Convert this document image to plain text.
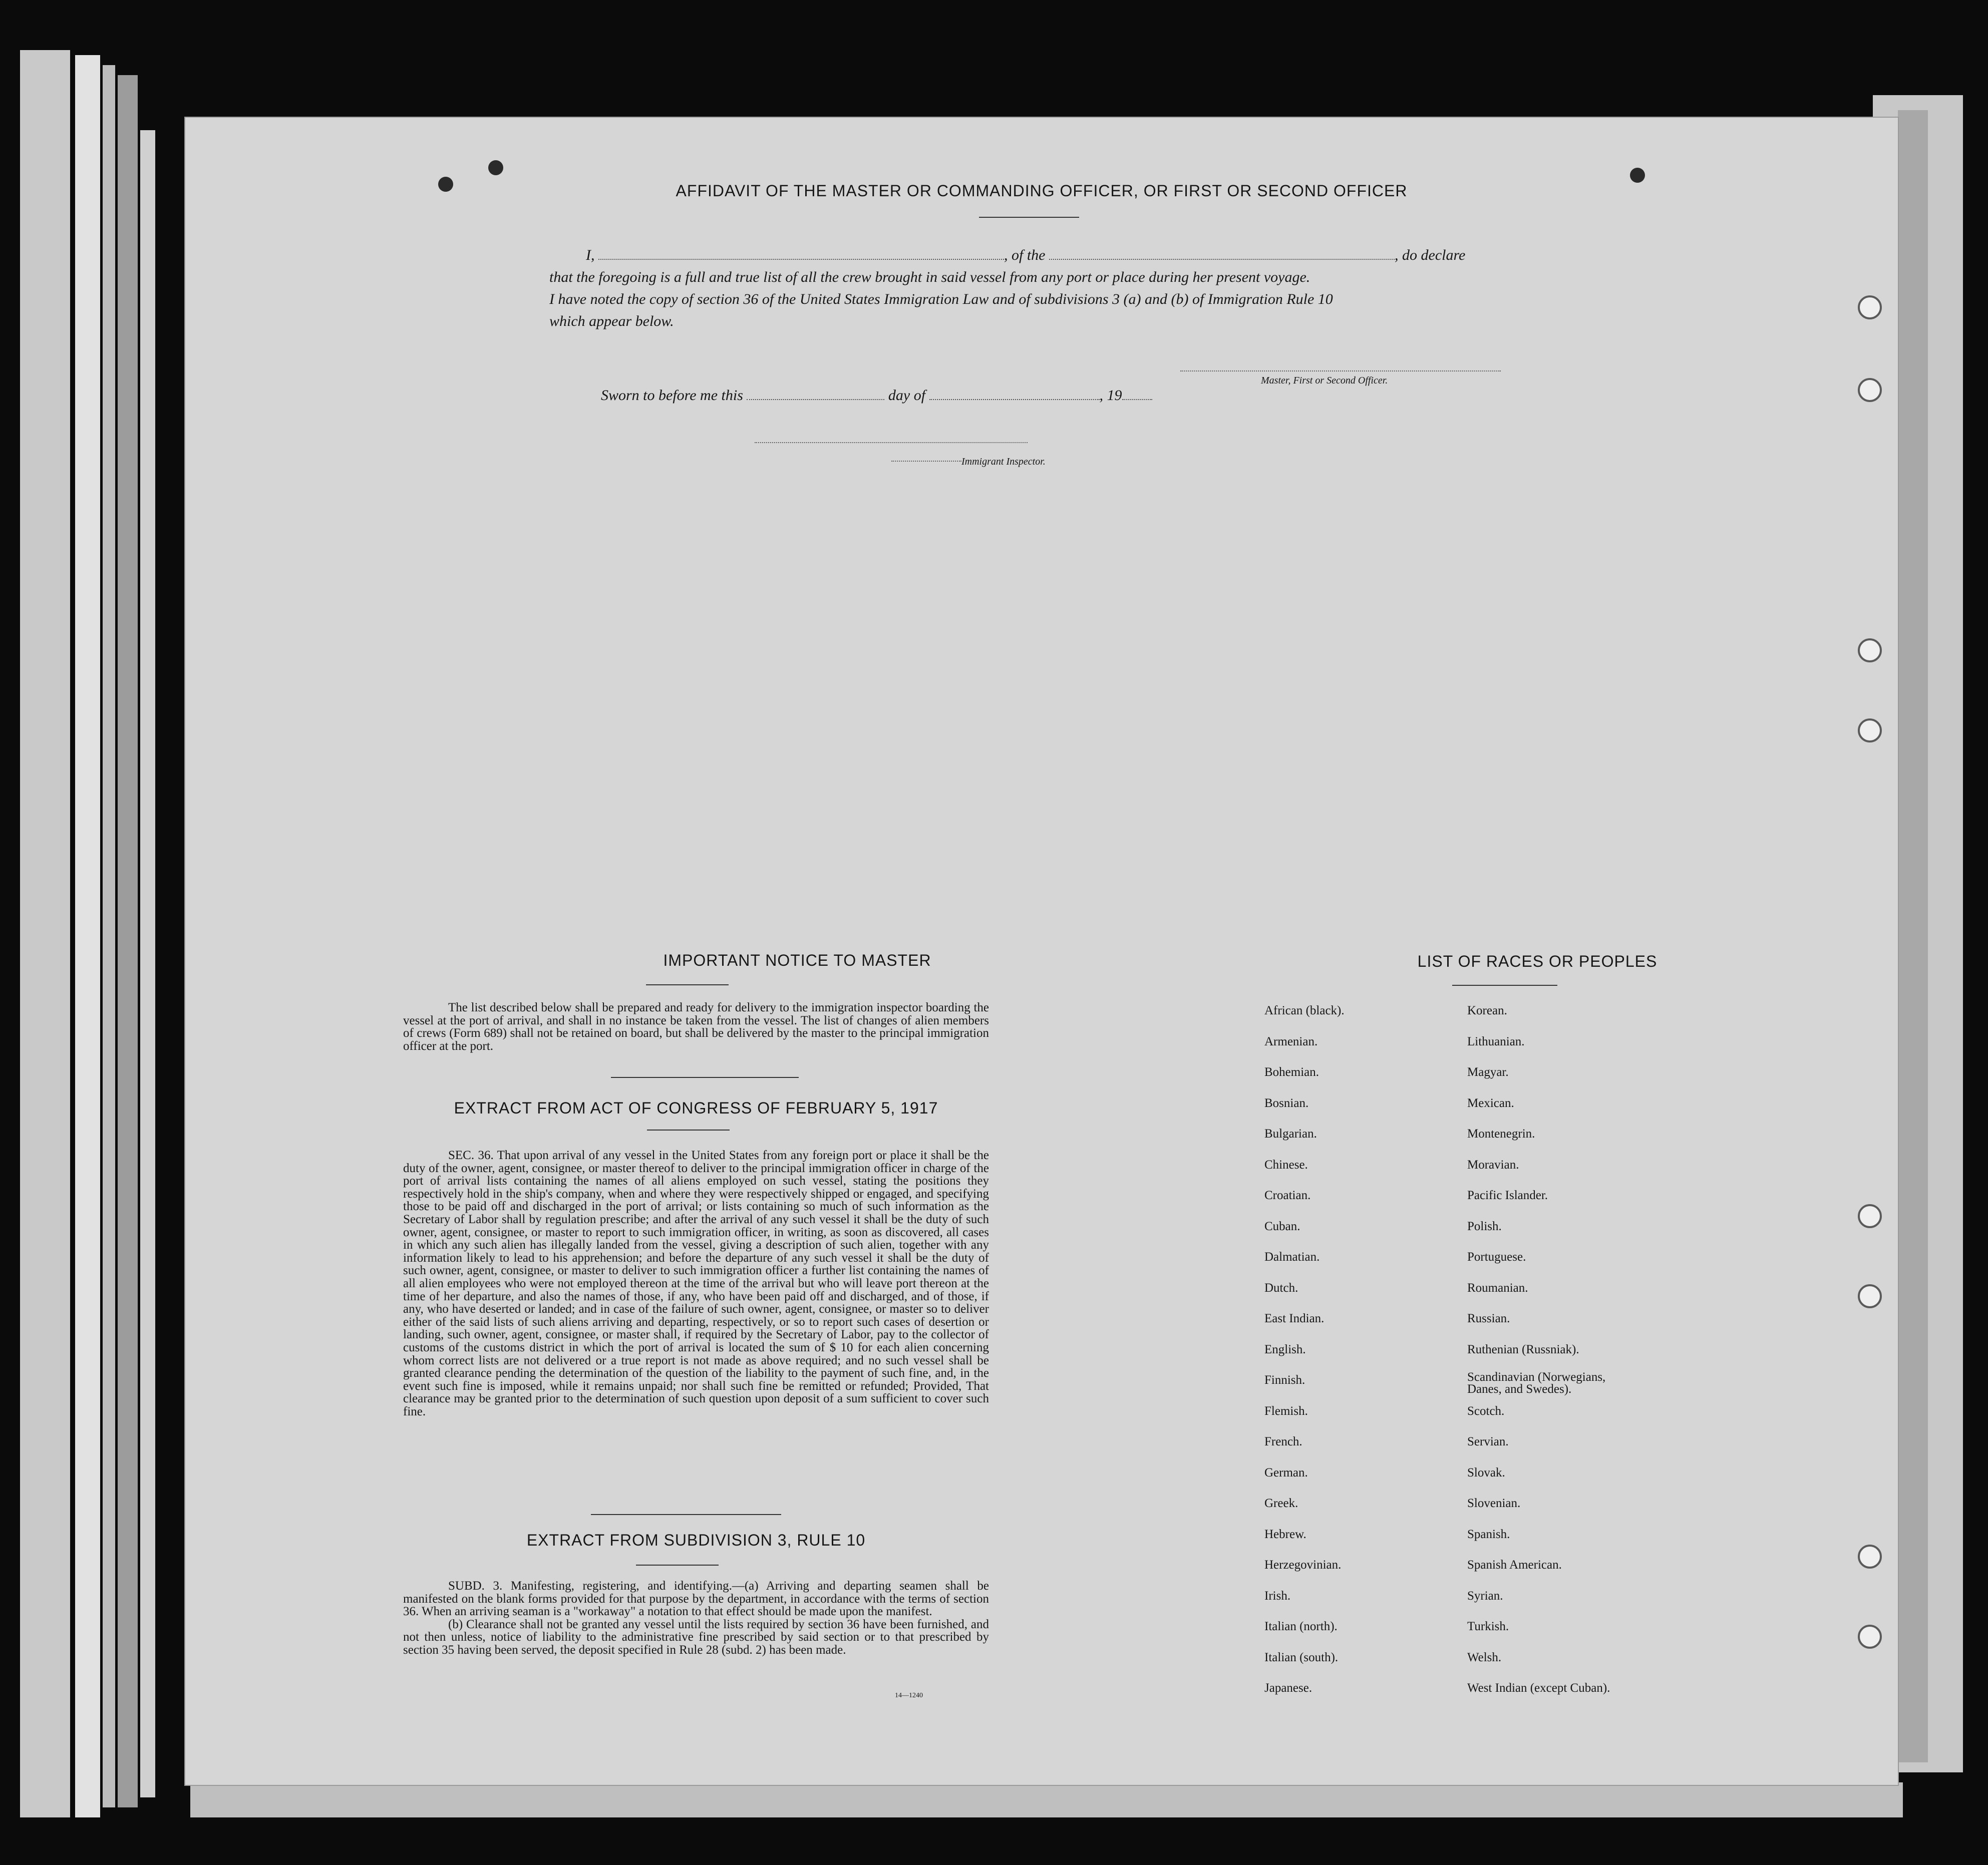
AFFIDAVIT OF THE MASTER OR COMMANDING OFFICER, OR FIRST OR SECOND OFFICER
I,	, of the	, do declare
that the foregoing is a full and true list of all the crew brought in said vessel from any port or place during her present voyage.
I have noted the copy of section 36 of the United States Immigration Law and of subdivisions 3 (a) and (b) of Immigration Rule 10
which appear below.
Master, First or Second Officer.
Sworn to before me this	day of	, 19
Immigrant Inspector.
IMPORTANT NOTICE TO MASTER

The list described below shall be prepared and ready for delivery to the immigration inspector boarding the vessel at the port of arrival, and shall in no instance be taken from the vessel. The list of changes of alien members of crews (Form 689) shall not be retained on board, but shall be delivered by the master to the principal immigration officer at the port.

EXTRACT FROM ACT OF CONGRESS OF FEBRUARY 5, 1917

SEC. 36. That upon arrival of any vessel in the United States from any foreign port or place it shall be the duty of the owner, agent, consignee, or master thereof to deliver to the principal immigration officer in charge of the port of arrival lists containing the names of all aliens employed on such vessel, stating the positions they respectively hold in the ship's company, when and where they were respectively shipped or engaged, and specifying those to be paid off and discharged in the port of arrival; or lists containing so much of such information as the Secretary of Labor shall by regulation prescribe; and after the arrival of any such vessel it shall be the duty of such owner, agent, consignee, or master to report to such immigration officer, in writing, as soon as discovered, all cases in which any such alien has illegally landed from the vessel, giving a description of such alien, together with any information likely to lead to his apprehension; and before the departure of any such vessel it shall be the duty of such owner, agent, consignee, or master to deliver to such immigration officer a further list containing the names of all alien employees who were not employed thereon at the time of the arrival but who will leave port thereon at the time of her departure, and also the names of those, if any, who have been paid off and discharged, and of those, if any, who have deserted or landed; and in case of the failure of such owner, agent, consignee, or master so to deliver either of the said lists of such aliens arriving and departing, respectively, or so to report such cases of desertion or landing, such owner, agent, consignee, or master shall, if required by the Secretary of Labor, pay to the collector of customs of the customs district in which the port of arrival is located the sum of $ 10 for each alien concerning whom correct lists are not delivered or a true report is not made as above required; and no such vessel shall be granted clearance pending the determination of the question of the liability to the payment of such fine, and, in the event such fine is imposed, while it remains unpaid; nor shall such fine be remitted or refunded; Provided, That clearance may be granted prior to the determination of such question upon deposit of a sum sufficient to cover such fine.

EXTRACT FROM SUBDIVISION 3, RULE 10

SUBD. 3. Manifesting, registering, and identifying.—(a) Arriving and departing seamen shall be manifested on the blank forms provided for that purpose by the department, in accordance with the terms of section 36. When an arriving seaman is a "workaway" a notation to that effect should be made upon the manifest.

(b) Clearance shall not be granted any vessel until the lists required by section 36 have been furnished, and not then unless, notice of liability to the administrative fine prescribed by said section or to that prescribed by section 35 having been served, the deposit specified in Rule 28 (subd. 2) has been made.

14—1240
LIST OF RACES OR PEOPLES
African (black).
Armenian.
Bohemian.
Bosnian.
Bulgarian.
Chinese.
Croatian.
Cuban.
Dalmatian.
Dutch.
East Indian.
English.
Finnish.
Flemish.
French.
German.
Greek.
Hebrew.
Herzegovinian.
Irish.
Italian (north).
Italian (south).
Japanese.
Korean.
Lithuanian.
Magyar.
Mexican.
Montenegrin.
Moravian.
Pacific Islander.
Polish.
Portuguese.
Roumanian.
Russian.
Ruthenian (Russniak).
Scandinavian (Norwegians, Danes, and Swedes).
Scotch.
Servian.
Slovak.
Slovenian.
Spanish.
Spanish American.
Syrian.
Turkish.
Welsh.
West Indian (except Cuban).
